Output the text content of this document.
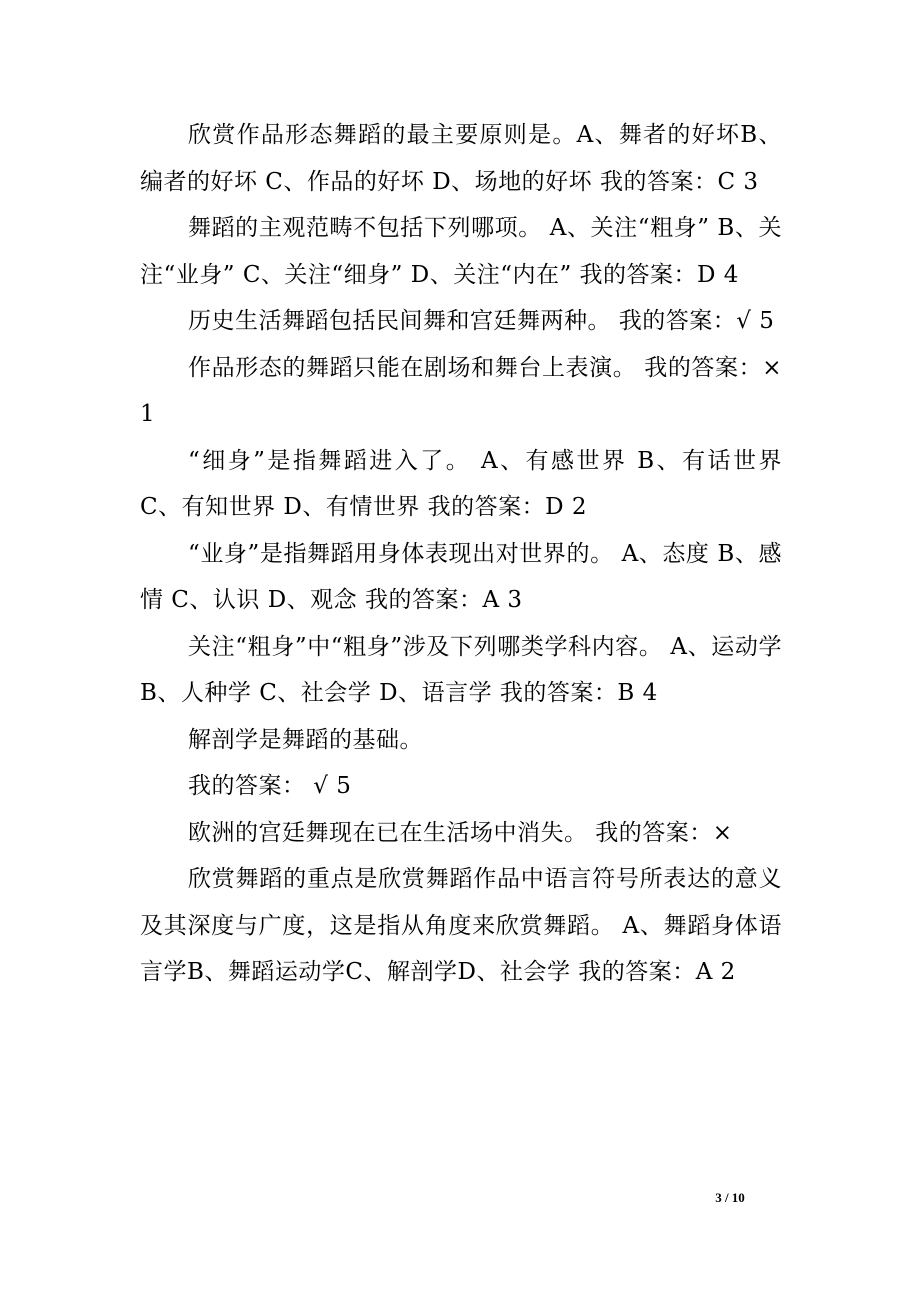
欣赏作品形态舞蹈的最主要原则是。A、舞者的好坏B、编者的好坏 C、作品的好坏 D、场地的好坏 我的答案：C 3

舞蹈的主观范畴不包括下列哪项。 A、关注“粗身” B、关注“业身” C、关注“细身” D、关注“内在” 我的答案：D 4

历史生活舞蹈包括民间舞和宫廷舞两种。 我的答案：√ 5

作品形态的舞蹈只能在剧场和舞台上表演。 我的答案：× 1

“细身”是指舞蹈进入了。 A、有感世界 B、有话世界 C、有知世界 D、有情世界 我的答案：D 2

“业身”是指舞蹈用身体表现出对世界的。 A、态度 B、感情 C、认识 D、观念 我的答案：A 3

关注“粗身”中“粗身”涉及下列哪类学科内容。 A、运动学 B、人种学 C、社会学 D、语言学 我的答案：B 4

解剖学是舞蹈的基础。

我的答案： √ 5

欧洲的宫廷舞现在已在生活场中消失。 我的答案：×

欣赏舞蹈的重点是欣赏舞蹈作品中语言符号所表达的意义及其深度与广度，这是指从角度来欣赏舞蹈。 A、舞蹈身体语言学B、舞蹈运动学C、解剖学D、社会学 我的答案：A 2

3 / 10
